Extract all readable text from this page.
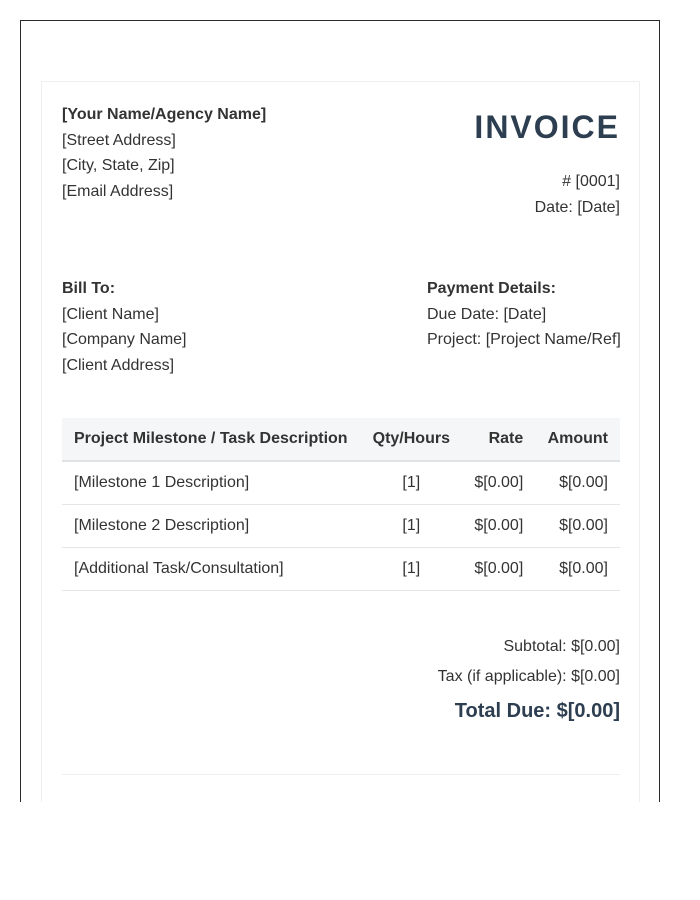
[Your Name/Agency Name]
[Street Address]
[City, State, Zip]
[Email Address]
INVOICE
# [0001]
Date: [Date]
Bill To:
[Client Name]
[Company Name]
[Client Address]
Payment Details:
Due Date: [Date]
Project: [Project Name/Ref]
Project Milestone / Task Description	Qty/Hours	Rate	Amount
[Milestone 1 Description]	[1]	$[0.00]	$[0.00]
[Milestone 2 Description]	[1]	$[0.00]	$[0.00]
[Additional Task/Consultation]	[1]	$[0.00]	$[0.00]
Subtotal: $[0.00]
Tax (if applicable): $[0.00]
Total Due: $[0.00]
